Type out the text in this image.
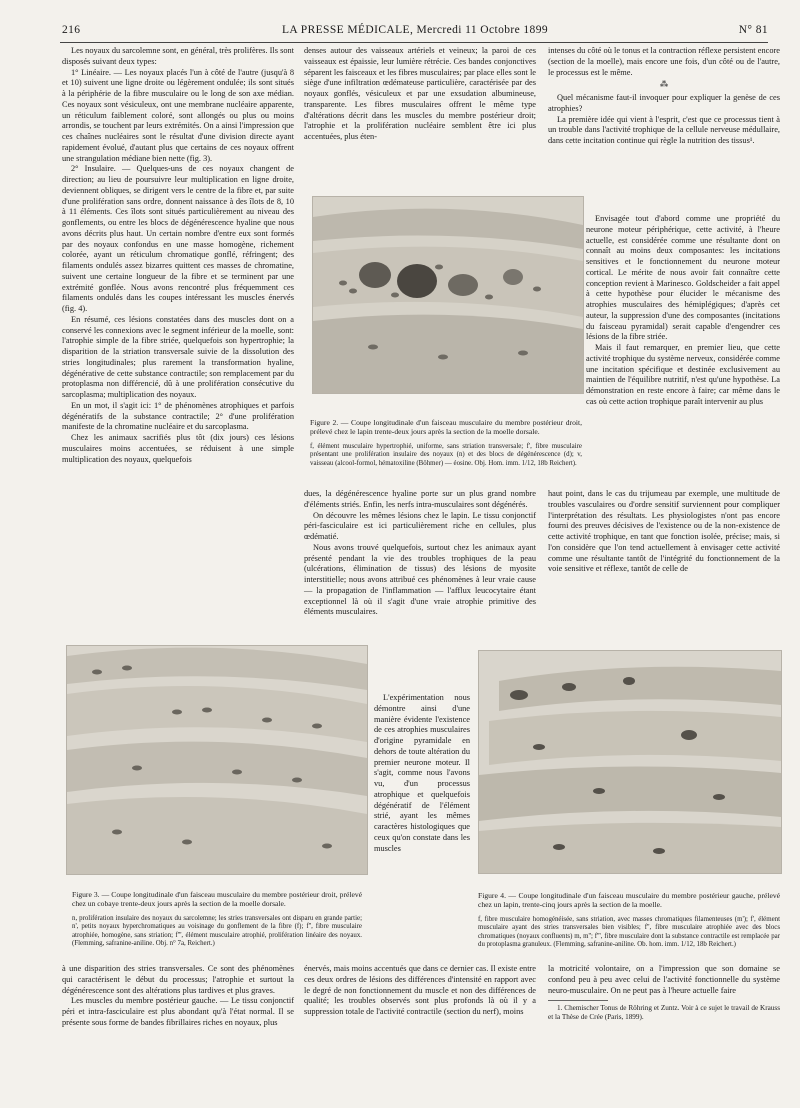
216	LA PRESSE MÉDICALE, Mercredi 11 Octobre 1899	N° 81

Les noyaux du sarcolemne sont, en général, très prolifères. Ils sont disposés suivant deux types:

1° Linéaire. — Les noyaux placés l'un à côté de l'autre (jusqu'à 8 et 10) suivent une ligne droite ou légèrement ondulée; ils sont situés à la périphérie de la fibre musculaire ou le long de son axe médian. Ces noyaux sont vésiculeux, ont une membrane nucléaire apparente, un réticulum faiblement coloré, sont allongés ou plus ou moins arrondis, se touchent par leurs extrémités. On a ainsi l'impression que ces chaînes nucléaires sont le résultat d'une division directe ayant rapidement évolué, d'autant plus que certains de ces noyaux offrent une strangulation médiane bien nette (fig. 3).

2° Insulaire. — Quelques-uns de ces noyaux changent de direction; au lieu de poursuivre leur multiplication en ligne droite, deviennent obliques, se dirigent vers le centre de la fibre et, par suite d'une prolifération sans ordre, donnent naissance à des îlots de 8, 10 à 11 éléments. Ces îlots sont situés particulièrement au niveau des gonflements, ou entre les blocs de dégénérescence hyaline que nous avons décrits plus haut. Un certain nombre d'entre eux sont formés par des noyaux confondus en une masse homogène, richement colorée, ayant un réticulum chromatique gonflé, réfringent; des filaments ondulés assez bizarres quittent ces masses de chromatine, suivent une certaine longueur de la fibre et se terminent par une extrémité gonflée. Nous avons rencontré plus fréquemment ces filaments ondulés dans les coupes intéressant les muscles énervés (fig. 4).

En résumé, ces lésions constatées dans des muscles dont on a conservé les connexions avec le segment inférieur de la moelle, sont: l'atrophie simple de la fibre striée, quelquefois son hypertrophie; la disparition de la striation transversale suivie de la dissolution des stries longitudinales; plus rarement la transformation hyaline, dégénérative de cette substance contractile; son remplacement par du protoplasma non différencié, dû à une prolifération consécutive du sarcoplasma; multiplication des noyaux.

En un mot, il s'agit ici: 1° de phénomènes atrophiques et parfois dégénératifs de la substance contractile; 2° d'une prolifération manifeste de la chromatine nucléaire et du sarcoplasma.

Chez les animaux sacrifiés plus tôt (dix jours) ces lésions musculaires moins accentuées, se réduisent à une simple multiplication des noyaux, quelquefois

denses autour des vaisseaux artériels et veineux; la paroi de ces vaisseaux est épaissie, leur lumière rétrécie. Ces bandes conjonctives séparent les faisceaux et les fibres musculaires; par place elles sont le siège d'une infiltration œdémateuse particulière, caractérisée par des noyaux gonflés, vésiculeux et par une exsudation albumineuse, transparente. Les fibres musculaires offrent le même type d'altérations décrit dans les muscles du membre postérieur droit; l'atrophie et la prolifération nucléaire semblent être ici plus accentuées, plus éten-

intenses du côté où le tonus et la contraction réflexe persistent encore (section de la moelle), mais encore une fois, d'un côté ou de l'autre, le processus est le même.

⁂

Quel mécanisme faut-il invoquer pour expliquer la genèse de ces atrophies?

La première idée qui vient à l'esprit, c'est que ce processus tient à un trouble dans l'activité trophique de la cellule nerveuse médullaire, dans cette incitation continue qui règle la nutrition des tissus¹.

Envisagée tout d'abord comme une propriété du neurone moteur périphérique, cette activité, à l'heure actuelle, est considérée comme une résultante dont on connaît au moins deux composantes: les incitations sensitives et le fonctionnement du neurone moteur cortical. Le mérite de nous avoir fait connaître cette conception revient à Marinesco. Goldscheider a fait appel à cette hypothèse pour élucider le mécanisme des atrophies musculaires des hémiplégiques; d'après cet auteur, la suppression d'une des composantes (incitations du faisceau pyramidal) serait capable d'engendrer ces lésions de la fibre striée.

Mais il faut remarquer, en premier lieu, que cette activité trophique du système nerveux, considérée comme une incitation spécifique et destinée exclusivement au maintien de l'équilibre nutritif, n'est qu'une hypothèse. La démonstration en reste encore à faire; car même dans le cas où cette action trophique paraît intervenir au plus

Figure 2. — Coupe longitudinale d'un faisceau musculaire du membre postérieur droit, prélevé chez le lapin trente-deux jours après la section de la moelle dorsale.

f, élément musculaire hypertrophié, uniforme, sans striation transversale; f', fibre musculaire présentant une prolifération insulaire des noyaux (n) et des blocs de dégénérescence (d); v, vaisseau (alcool-formol, hématoxiline (Böhmer) — éosine. Obj. Hom. imm. 1/12, 18b Reichert).

dues, la dégénérescence hyaline porte sur un plus grand nombre d'éléments striés. Enfin, les nerfs intra-musculaires sont dégénérés.

On découvre les mêmes lésions chez le lapin. Le tissu conjonctif péri-fasciculaire est ici particulièrement riche en cellules, plus œdématié.

Nous avons trouvé quelquefois, surtout chez les animaux ayant présenté pendant la vie des troubles trophiques de la peau (ulcérations, élimination de tissus) des lésions de myosite interstitielle; nous avons attribué ces phénomènes à leur vraie cause — la propagation de l'inflammation — l'afflux leucocytaire étant exceptionnel là où il s'agit d'une vraie atrophie primitive des éléments musculaires.

haut point, dans le cas du trijumeau par exemple, une multitude de troubles vasculaires ou d'ordre sensitif surviennent pour compliquer l'interprétation des résultats. Les physiologistes n'ont pas encore fourni des preuves décisives de l'existence ou de la non-existence de cette activité trophique, en tant que fonction isolée, précise; mais, si l'on considère que l'on tend actuellement à envisager cette activité comme une résultante tantôt de l'intégrité du fonctionnement de la voie sensitive et réflexe, tantôt de celle de

Figure 3. — Coupe longitudinale d'un faisceau musculaire du membre postérieur droit, prélevé chez un cobaye trente-deux jours après la section de la moelle dorsale.

n, prolifération insulaire des noyaux du sarcolemne; les stries transversales ont disparu en grande partie; n', petits noyaux hyperchromatiques au voisinage du gonflement de la fibre (f); f'', fibre musculaire atrophiée, homogène, sans striation; f''', élément musculaire atrophié, prolifération linéaire des noyaux. (Flemming, safranine-aniline. Obj. n° 7a, Reichert.)

L'expérimentation nous démontre ainsi d'une manière évidente l'existence de ces atrophies musculaires d'origine pyramidale en dehors de toute altération du premier neurone moteur. Il s'agit, comme nous l'avons vu, d'un processus atrophique et quelquefois dégénératif de l'élément strié, ayant les mêmes caractères histologiques que ceux qu'on constate dans les muscles

Figure 4. — Coupe longitudinale d'un faisceau musculaire du membre postérieur gauche, prélevé chez un lapin, trente-cinq jours après la section de la moelle.

f, fibre musculaire homogénéisée, sans striation, avec masses chromatiques filamenteuses (m'); f', élément musculaire ayant des stries transversales bien visibles; f'', fibre musculaire atrophiée avec des blocs chromatiques (noyaux confluents) m, m''; f''', fibre musculaire dont la substance contractile est remplacée par du protoplasma granuleux. (Flemming, safranine-aniline. Ob. hom. imm. 1/12, 18b Reichert.)

à une disparition des stries transversales. Ce sont des phénomènes qui caractérisent le début du processus; l'atrophie et surtout la dégénérescence sont des altérations plus tardives et plus graves.

Les muscles du membre postérieur gauche. — Le tissu conjonctif péri et intra-fasciculaire est plus abondant qu'à l'état normal. Il se présente sous forme de bandes fibrillaires riches en noyaux, plus

énervés, mais moins accentués que dans ce dernier cas. Il existe entre ces deux ordres de lésions des différences d'intensité en rapport avec le degré de non fonctionnement du muscle et non des différences de qualité; les troubles observés sont plus profonds là où il y a suppression totale de l'activité contractile (section du nerf), moins

la motricité volontaire, on a l'impression que son domaine se confond peu à peu avec celui de l'activité fonctionnelle du système neuro-musculaire. On ne peut pas à l'heure actuelle faire

1. Chemischer Tonus de Röhring et Zuntz. Voir à ce sujet le travail de Krauss et la Thèse de Crée (Paris, 1899).
